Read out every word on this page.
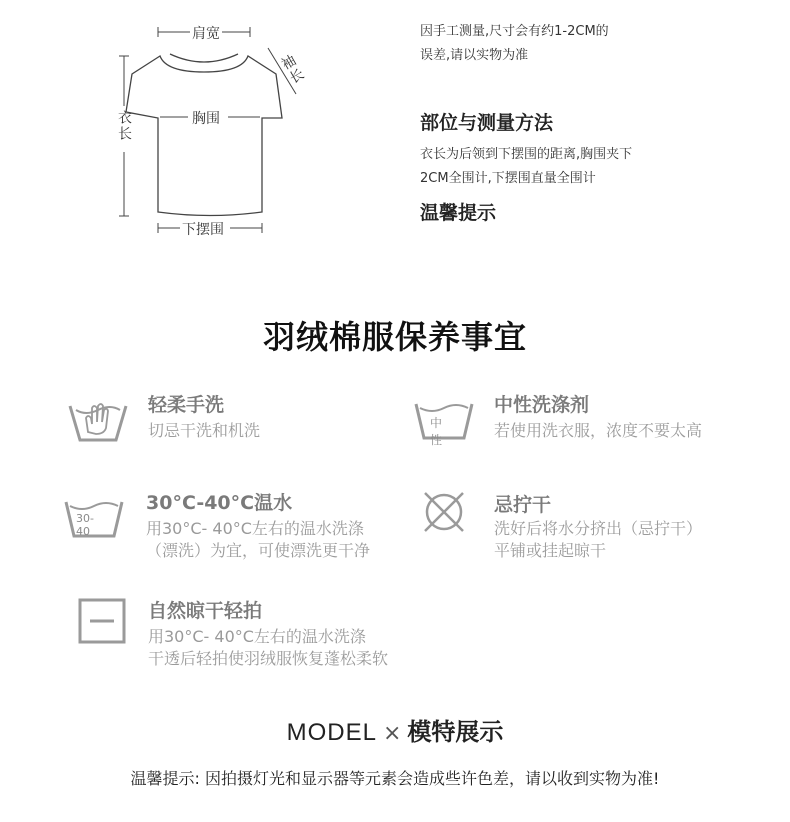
肩宽
袖长
衣长	胸围
下摆围
因手工测量,尺寸会有约1-2CM的
误差,请以实物为准
部位与测量方法
衣长为后领到下摆围的距离,胸围夹下
2CM全围计,下摆围直量全围计
温馨提示
羽绒棉服保养事宜
轻柔手洗
切忌干洗和机洗	中性
中性洗涤剂
若使用洗衣服，浓度不要太高
30-40
30°C-40°C温水
用30°C- 40°C左右的温水洗涤
（漂洗）为宜，可使漂洗更干净
忌拧干
洗好后将水分挤出（忌拧干）
平铺或挂起晾干
自然晾干轻拍
用30°C- 40°C左右的温水洗涤
干透后轻拍使羽绒服恢复蓬松柔软
MODEL × 模特展示
温馨提示: 因拍摄灯光和显示器等元素会造成些许色差，请以收到实物为准!
